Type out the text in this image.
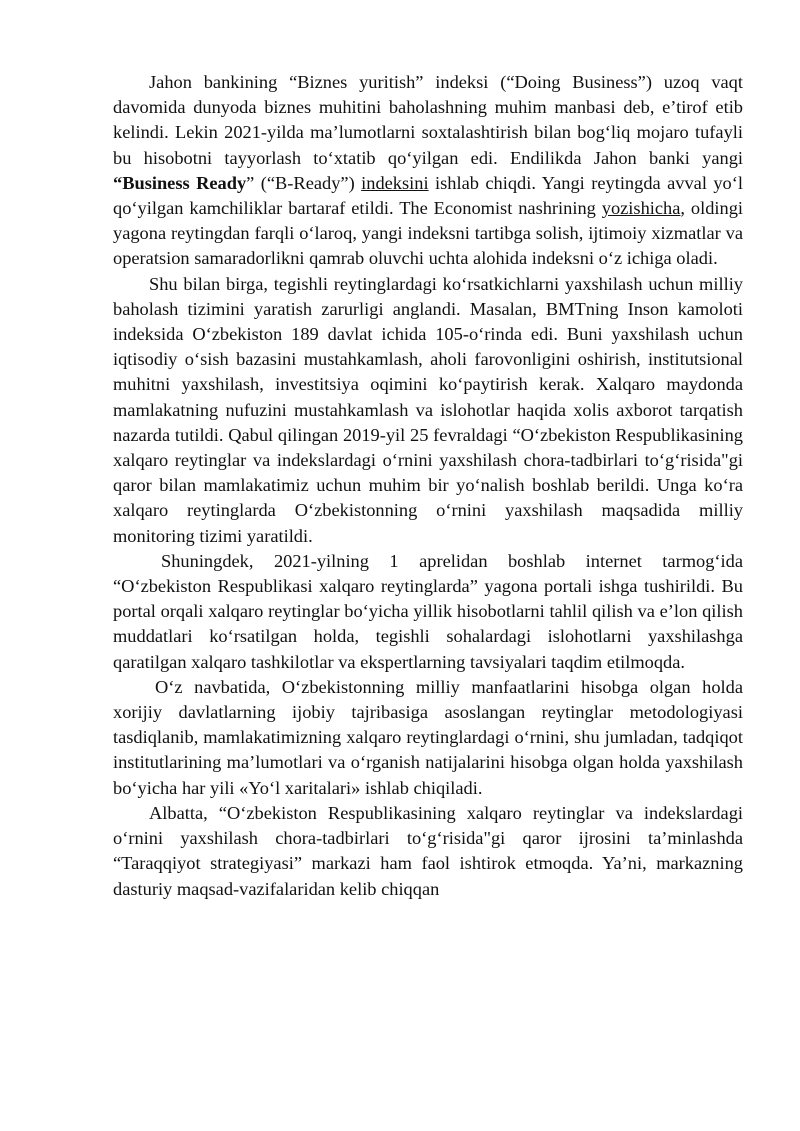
Jahon bankining “Biznes yuritish” indeksi (“Doing Business”) uzoq vaqt davomida dunyoda biznes muhitini baholashning muhim manbasi deb, e’tirof etib kelindi. Lekin 2021-yilda ma’lumotlarni soxtalashtirish bilan bog‘liq mojaro tufayli bu hisobotni tayyorlash to‘xtatib qo‘yilgan edi. Endilikda Jahon banki yangi “Business Ready” (“B-Ready”) indeksini ishlab chiqdi. Yangi reytingda avval yo‘l qo‘yilgan kamchiliklar bartaraf etildi. The Economist nashrining yozishicha, oldingi yagona reytingdan farqli o‘laroq, yangi indeksni tartibga solish, ijtimoiy xizmatlar va operatsion samaradorlikni qamrab oluvchi uchta alohida indeksni o‘z ichiga oladi.

Shu bilan birga, tegishli reytinglardagi ko‘rsatkichlarni yaxshilash uchun milliy baholash tizimini yaratish zarurligi anglandi. Masalan, BMTning Inson kamoloti indeksida O‘zbekiston 189 davlat ichida 105-o‘rinda edi. Buni yaxshilash uchun iqtisodiy o‘sish bazasini mustahkamlash, aholi farovonligini oshirish, institutsional muhitni yaxshilash, investitsiya oqimini ko‘paytirish kerak. Xalqaro maydonda mamlakatning nufuzini mustahkamlash va islohotlar haqida xolis axborot tarqatish nazarda tutildi. Qabul qilingan 2019-yil 25 fevraldagi “O‘zbekiston Respublikasining xalqaro reytinglar va indekslardagi o‘rnini yaxshilash chora-tadbirlari to‘g‘risida"gi qaror bilan mamlakatimiz uchun muhim bir yo‘nalish boshlab berildi. Unga ko‘ra xalqaro reytinglarda O‘zbekistonning o‘rnini yaxshilash maqsadida milliy monitoring tizimi yaratildi.

Shuningdek, 2021-yilning 1 aprelidan boshlab internet tarmog‘ida “O‘zbekiston Respublikasi xalqaro reytinglarda” yagona portali ishga tushirildi. Bu portal orqali xalqaro reytinglar bo‘yicha yillik hisobotlarni tahlil qilish va e’lon qilish muddatlari ko‘rsatilgan holda, tegishli sohalardagi islohotlarni yaxshilashga qaratilgan xalqaro tashkilotlar va ekspertlarning tavsiyalari taqdim etilmoqda.

O‘z navbatida, O‘zbekistonning milliy manfaatlarini hisobga olgan holda xorijiy davlatlarning ijobiy tajribasiga asoslangan reytinglar metodologiyasi tasdiqlanib, mamlakatimizning xalqaro reytinglardagi o‘rnini, shu jumladan, tadqiqot institutlarining ma’lumotlari va o‘rganish natijalarini hisobga olgan holda yaxshilash bo‘yicha har yili «Yo‘l xaritalari» ishlab chiqiladi.

Albatta, “O‘zbekiston Respublikasining xalqaro reytinglar va indekslardagi o‘rnini yaxshilash chora-tadbirlari to‘g‘risida"gi qaror ijrosini ta’minlashda “Taraqqiyot strategiyasi” markazi ham faol ishtirok etmoqda. Ya’ni, markazning dasturiy maqsad-vazifalaridan kelib chiqqan
